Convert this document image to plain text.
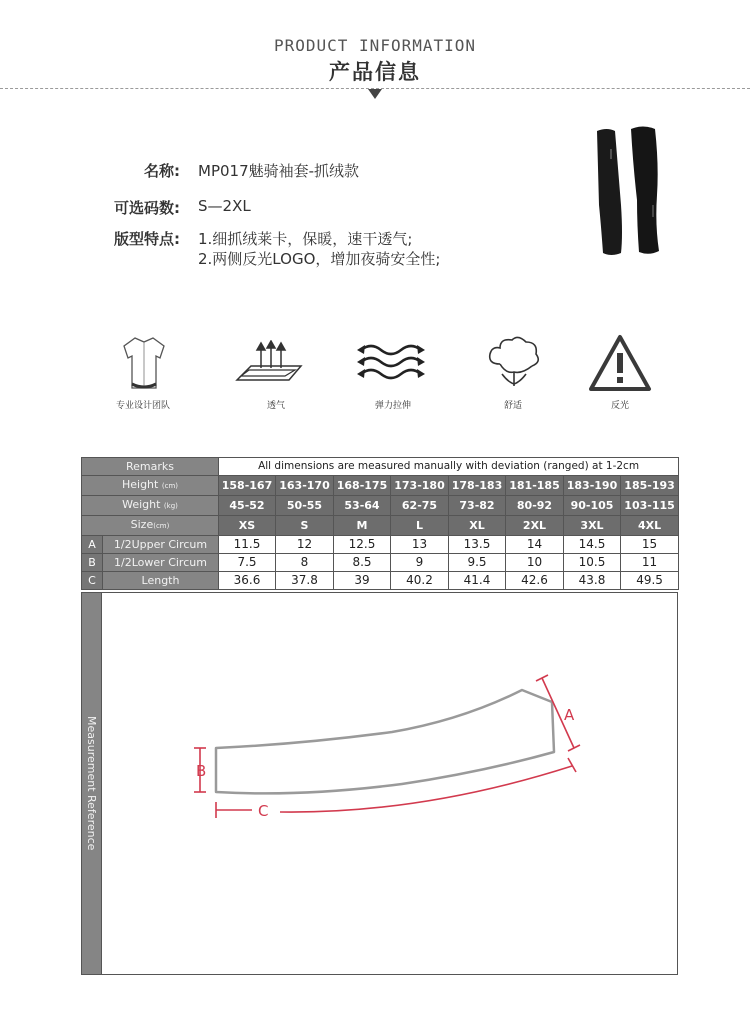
PRODUCT INFORMATION
产品信息
名称: MP017魅骑袖套-抓绒款
可选码数: S—2XL
版型特点: 1.细抓绒莱卡，保暖，速干透气;
2.两侧反光LOGO，增加夜骑安全性;
专业设计团队	透气	弹力拉伸	舒适	反光
Remarks		All dimensions are measured manually with deviation (ranged) at 1-2cm							
Height (cm)		158-167	163-170	168-175	173-180	178-183	181-185	183-190	185-193
Weight (kg)		45-52	50-55	53-64	62-75	73-82	80-92	90-105	103-115
Size(cm)		XS	S	M	L	XL	2XL	3XL	4XL
A	1/2Upper Circum	11.5	12	12.5	13	13.5	14	14.5	15
B	1/2Lower Circum	7.5	8	8.5	9	9.5	10	10.5	11
C	Length	36.6	37.8	39	40.2	41.4	42.6	43.8	49.5
Measurement Reference
A
B
C
